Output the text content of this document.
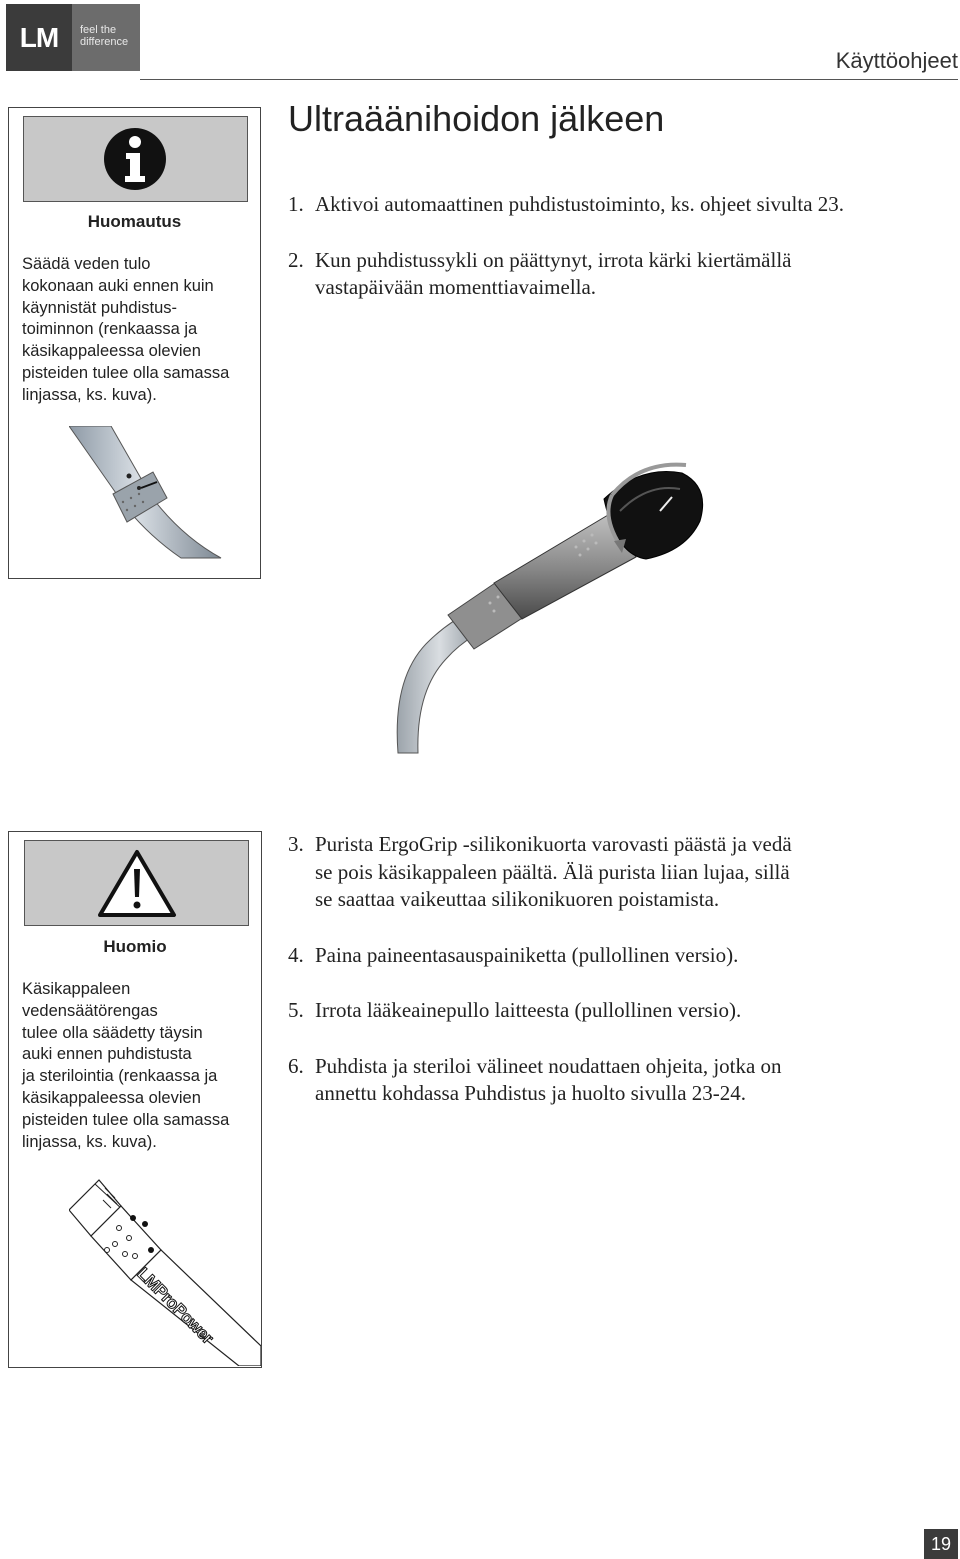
LM	feel the
difference
Käyttöohjeet
Ultraäänihoidon jälkeen
Huomautus
Säädä veden tulo
kokonaan auki ennen kuin
käynnistät puhdistus-
toiminnon (renkaassa ja
käsikappaleessa olevien
pisteiden tulee olla samassa
linjassa, ks. kuva).
1. Aktivoi automaattinen puhdistustoiminto, ks. ohjeet sivulta 23.
2. Kun puhdistussykli on päättynyt, irrota kärki kiertämällä
vastapäivään momenttiavaimella.
Huomio
Käsikappaleen
vedensäätörengas
tulee olla säädetty täysin
auki ennen puhdistusta
ja sterilointia (renkaassa ja
käsikappaleessa olevien
pisteiden tulee olla samassa
linjassa, ks. kuva).
LMProPower
3. Purista ErgoGrip -silikonikuorta varovasti päästä ja vedä
se pois käsikappaleen päältä. Älä purista liian lujaa, sillä
se saattaa vaikeuttaa silikonikuoren poistamista.
4. Paina paineentasauspainiketta (pullollinen versio).
5. Irrota lääkeainepullo laitteesta (pullollinen versio).
6. Puhdista ja steriloi välineet noudattaen ohjeita, jotka on
annettu kohdassa Puhdistus ja huolto sivulla 23-24.
19
